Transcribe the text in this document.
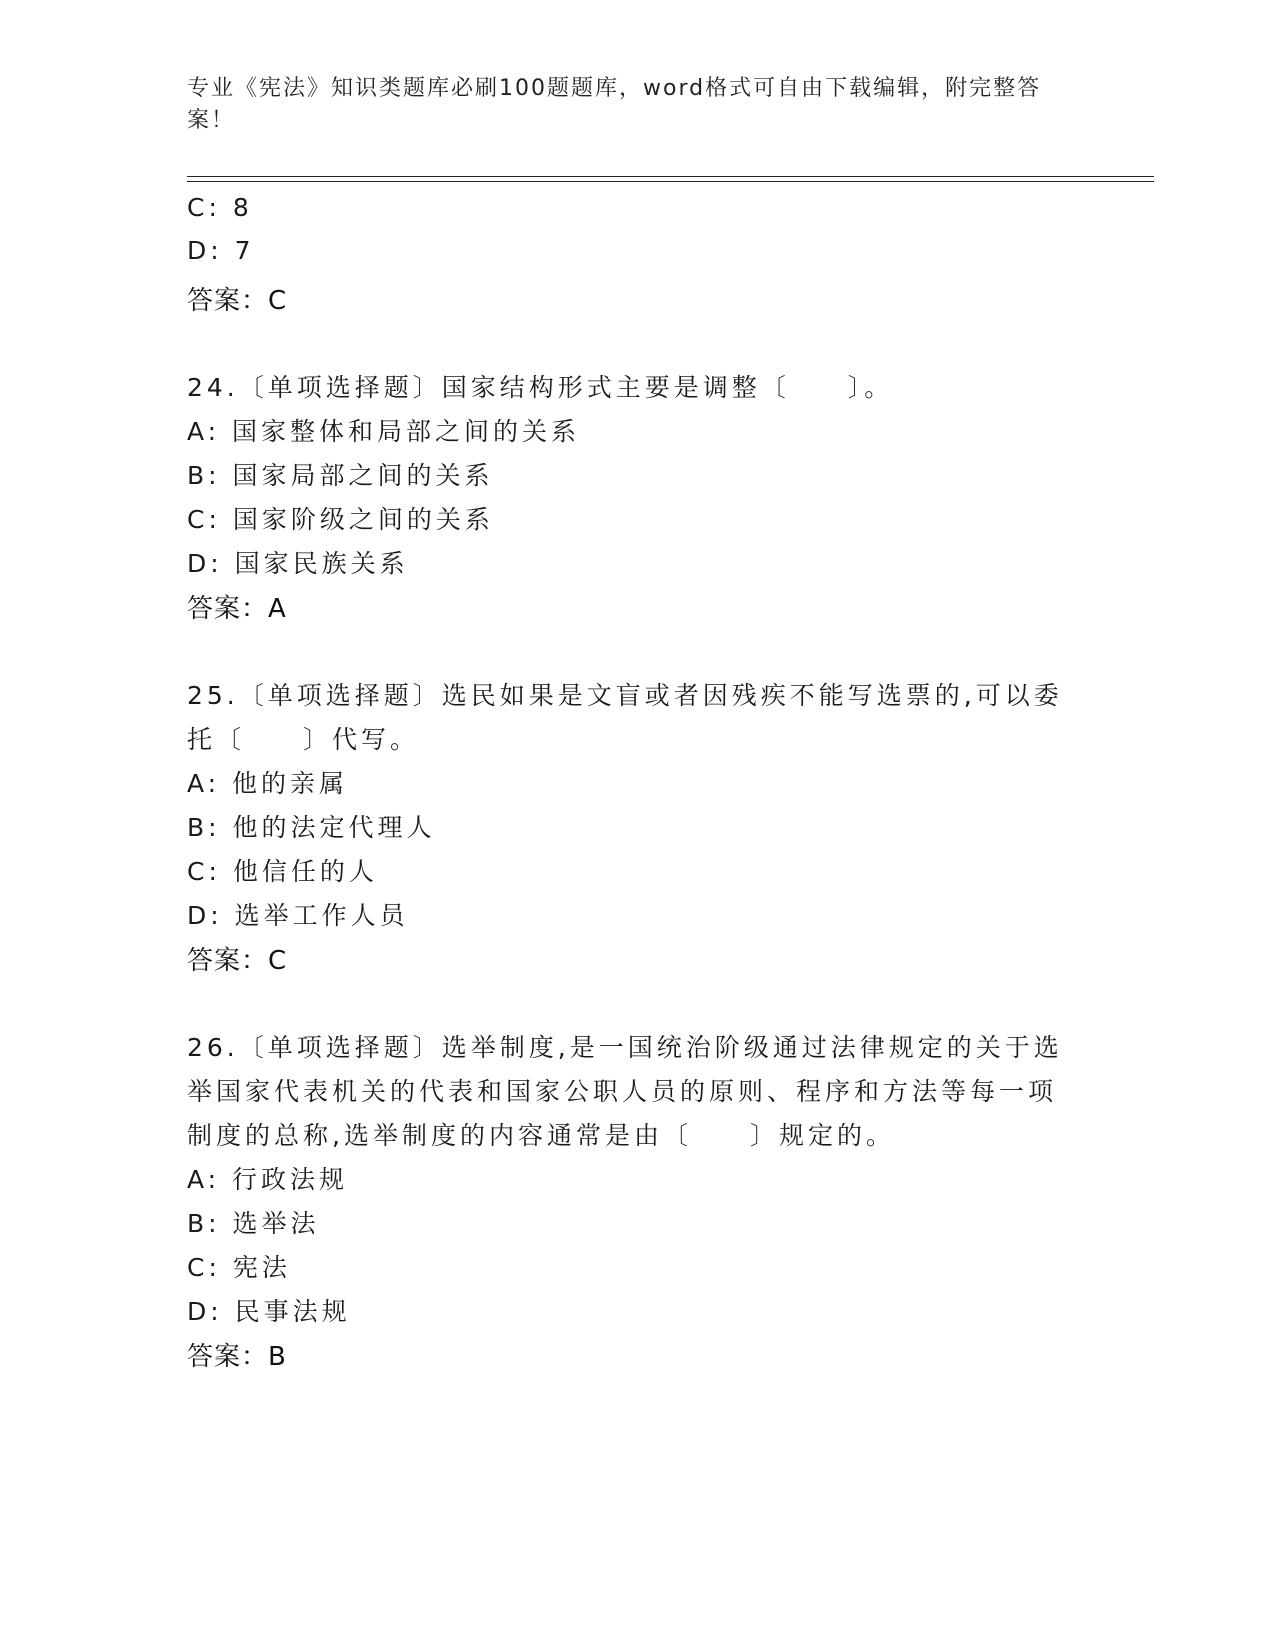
专业《宪法》知识类题库必刷100题题库，word格式可自由下载编辑，附完整答
案！
C: 8
D: 7
答案：C
24.〔单项选择题〕国家结构形式主要是调整〔　　〕。
A: 国家整体和局部之间的关系
B: 国家局部之间的关系
C: 国家阶级之间的关系
D: 国家民族关系
答案：A
25.〔单项选择题〕选民如果是文盲或者因残疾不能写选票的,可以委
托〔　　〕代写。
A: 他的亲属
B: 他的法定代理人
C: 他信任的人
D: 选举工作人员
答案：C
26.〔单项选择题〕选举制度,是一国统治阶级通过法律规定的关于选
举国家代表机关的代表和国家公职人员的原则、程序和方法等每一项
制度的总称,选举制度的内容通常是由〔　　〕规定的。
A: 行政法规
B: 选举法
C: 宪法
D: 民事法规
答案：B
